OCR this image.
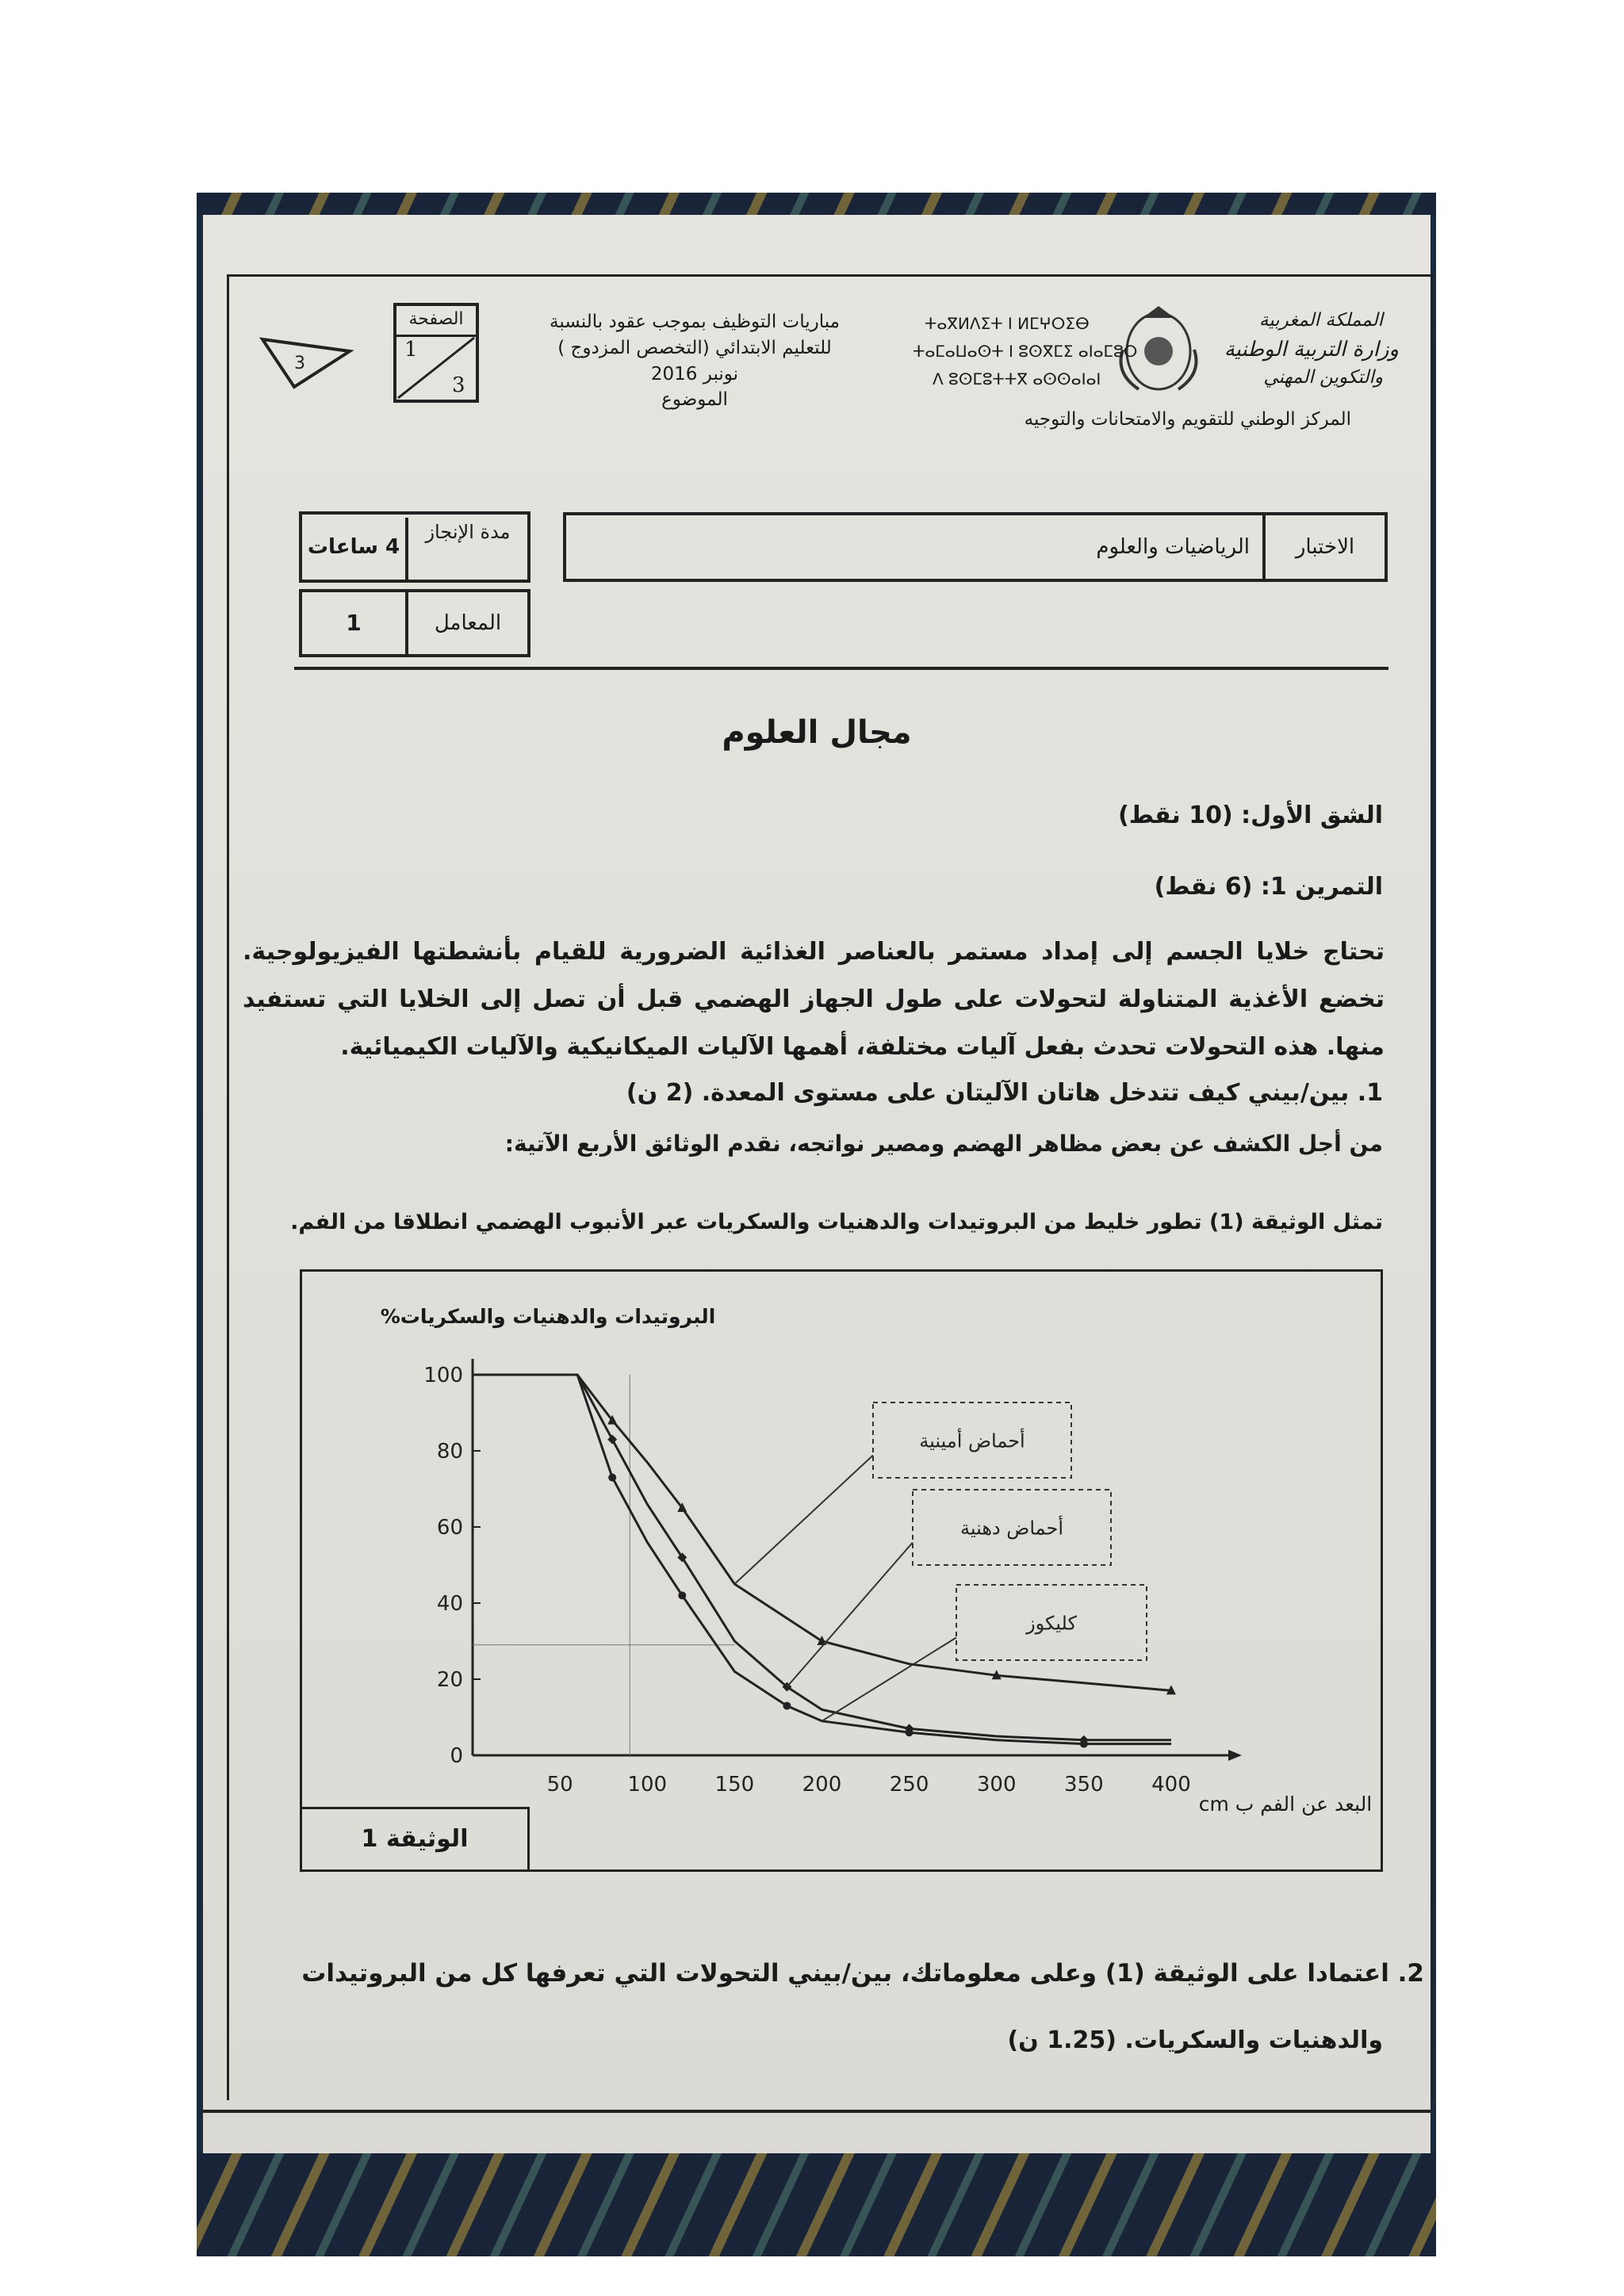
المملكة المغربية
وزارة التربية الوطنية
والتكوين المهني
ⵜⴰⴳⵍⴷⵉⵜ ⵏ ⵍⵎⵖⵔⵉⴱ
ⵜⴰⵎⴰⵡⴰⵙⵜ ⵏ ⵓⵙⴳⵎⵉ ⴰⵏⴰⵎⵓⵔ
ⴷ ⵓⵙⵎⵓⵜⵜⴳ ⴰⵙⵙⴰⵏⴰⵏ
المركز الوطني للتقويم والامتحانات والتوجيه
مباريات التوظيف بموجب عقود بالنسبة
للتعليم الابتدائي (التخصص المزدوج )
نونبر 2016
الموضوع
الصفحة
1
3
3
الاختبار
الرياضيات والعلوم
مدة الإنجاز
4 ساعات
المعامل
1
مجال العلوم
الشق الأول: (10 نقط)
التمرين 1: (6 نقط)
تحتاج خلايا الجسم إلى إمداد مستمر بالعناصر الغذائية الضرورية للقيام بأنشطتها الفيزيولوجية. تخضع الأغذية المتناولة لتحولات على طول الجهاز الهضمي قبل أن تصل إلى الخلايا التي تستفيد منها. هذه التحولات تحدث بفعل آليات مختلفة، أهمها الآليات الميكانيكية والآليات الكيميائية.
1. بين/بيني كيف تتدخل هاتان الآليتان على مستوى المعدة. (2 ن)
من أجل الكشف عن بعض مظاهر الهضم ومصير نواتجه، نقدم الوثائق الأربع الآتية:
تمثل الوثيقة (1) تطور خليط من البروتيدات والدهنيات والسكريات عبر الأنبوب الهضمي انطلاقا من الفم.
البروتيدات والدهنيات والسكريات%
البعد عن الفم ب cm
0
20
40
60
80
100
50	100 150 200 250 300 350 400
أحماض أمينية
أحماض دهنية
كليكوز
الوثيقة 1
2. اعتمادا على الوثيقة (1) وعلى معلوماتك، بين/بيني التحولات التي تعرفها كل من البروتيدات
والدهنيات والسكريات. (1.25 ن)
